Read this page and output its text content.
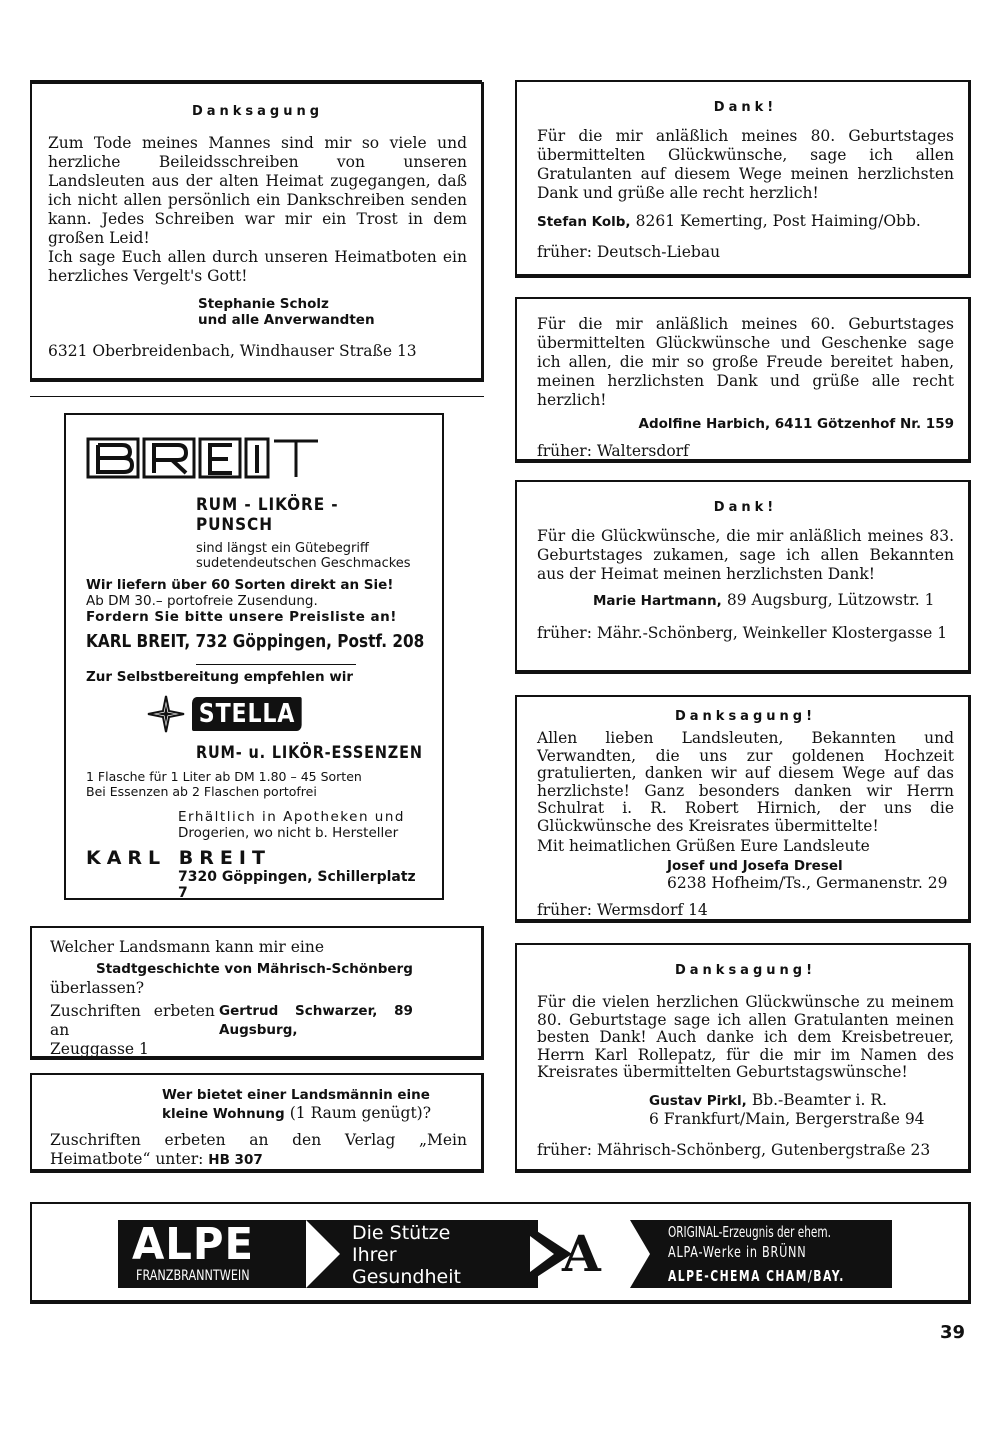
Danksagung

Zum Tode meines Mannes sind mir so viele und herzliche Beileidsschreiben von unseren Landsleuten aus der alten Heimat zugegangen, daß ich nicht allen persönlich ein Dankschreiben senden kann. Jedes Schreiben war mir ein Trost in dem großen Leid!

Ich sage Euch allen durch unseren Heimatboten ein herzliches Vergelt's Gott!

Stephanie Scholz

und alle Anverwandten

6321 Oberbreidenbach, Windhauser Straße 13

RUM - LIKÖRE - PUNSCH

sind längst ein Gütebegriff

sudetendeutschen Geschmackes

Wir liefern über 60 Sorten direkt an Sie!

Ab DM 30.– portofreie Zusendung.

Fordern Sie bitte unsere Preisliste an!

KARL BREIT, 732 Göppingen, Postf. 208

Zur Selbstbereitung empfehlen wir

STELLA

RUM- u. LIKÖR-ESSENZEN

1 Flasche für 1 Liter ab DM 1.80 – 45 Sorten

Bei Essenzen ab 2 Flaschen portofrei

Erhältlich in Apotheken und

Drogerien, wo nicht b. Hersteller

KARL BREIT

7320 Göppingen, Schillerplatz 7

Welcher Landsmann kann mir eine

Stadtgeschichte von Mährisch-Schönberg

überlassen?

Zuschriften erbeten an
Gertrud Schwarzer, 89 Augsburg,

Zeuggasse 1

Wer bietet einer Landsmännin eine

kleine Wohnung (1 Raum genügt)?

Zuschriften erbeten an den Verlag „Mein Heimatbote“ unter: HB 307

Dank!

Für die mir anläßlich meines 80. Geburtstages übermittelten Glückwünsche, sage ich allen Gratulanten auf diesem Wege meinen herzlichsten Dank und grüße alle recht herzlich!

Stefan Kolb, 8261 Kemerting, Post Haiming/Obb.

früher: Deutsch-Liebau

Für die mir anläßlich meines 60. Geburtstages übermittelten Glückwünsche und Geschenke sage ich allen, die mir so große Freude bereitet haben, meinen herzlichsten Dank und grüße alle recht herzlich!

Adolfine Harbich, 6411 Götzenhof Nr. 159

früher: Waltersdorf

Dank!

Für die Glückwünsche, die mir anläßlich meines 83. Geburtstages zukamen, sage ich allen Bekannten aus der Heimat meinen herzlichsten Dank!

Marie Hartmann, 89 Augsburg, Lützowstr. 1

früher: Mähr.-Schönberg, Weinkeller Klostergasse 1

Danksagung!

Allen lieben Landsleuten, Bekannten und Verwandten, die uns zur goldenen Hochzeit gratulierten, danken wir auf diesem Wege auf das herzlichste! Ganz besonders danken wir Herrn Schulrat i. R. Robert Hirnich, der uns die Glückwünsche des Kreisrates übermittelte!

Mit heimatlichen Grüßen Eure Landsleute

Josef und Josefa Dresel

6238 Hofheim/Ts., Germanenstr. 29

früher: Wermsdorf 14

Danksagung!

Für die vielen herzlichen Glückwünsche zu meinem 80. Geburtstage sage ich allen Gratulanten meinen besten Dank! Auch danke ich dem Kreisbetreuer, Herrn Karl Rollepatz, für die mir im Namen des Kreisrates übermittelten Geburtstagswünsche!

Gustav Pirkl, Bb.-Beamter i. R.

6 Frankfurt/Main, Bergerstraße 94

früher: Mährisch-Schönberg, Gutenbergstraße 23

ALPE
FRANZBRANNTWEIN
Die Stütze
Ihrer
Gesundheit A	ORIGINAL-Erzeugnis der ehem.
ALPA-Werke in BRÜNN
ALPE-CHEMA CHAM/BAY.
39
